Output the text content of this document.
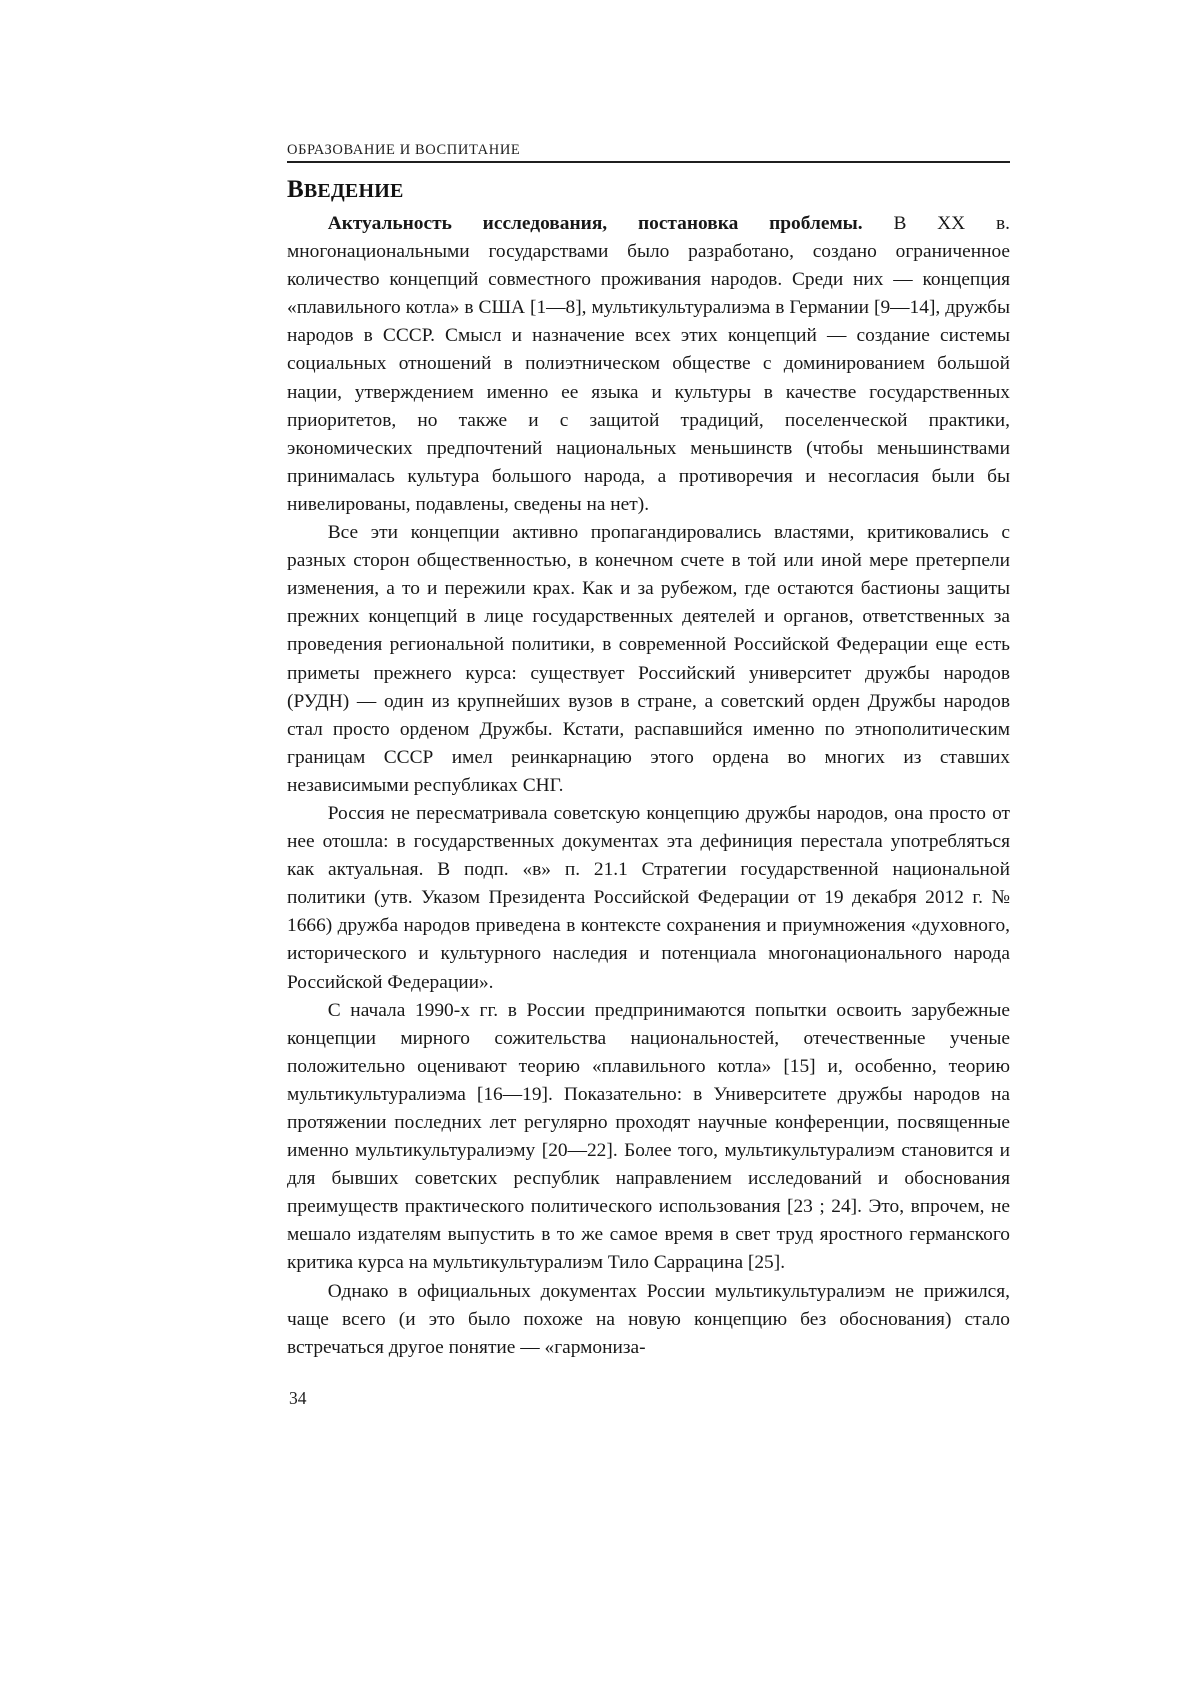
ОБРАЗОВАНИЕ И ВОСПИТАНИЕ
ВВЕДЕНИЕ

Актуальность исследования, постановка проблемы. В XX в. многонациональными государствами было разработано, создано ограниченное количество концепций совместного проживания народов. Среди них — концепция «плавильного котла» в США [1—8], мультикультуралиэма в Германии [9—14], дружбы народов в СССР. Смысл и назначение всех этих концепций — создание системы социальных отношений в полиэтническом обществе с доминированием большой нации, утверждением именно ее языка и культуры в качестве государственных приоритетов, но также и с защитой традиций, поселенческой практики, экономических предпочтений национальных меньшинств (чтобы меньшинствами принималась культура большого народа, а противоречия и несогласия были бы нивелированы, подавлены, сведены на нет).

Все эти концепции активно пропагандировались властями, критиковались с разных сторон общественностью, в конечном счете в той или иной мере претерпели изменения, а то и пережили крах. Как и за рубежом, где остаются бастионы защиты прежних концепций в лице государственных деятелей и органов, ответственных за проведения региональной политики, в современной Российской Федерации еще есть приметы прежнего курса: существует Российский университет дружбы народов (РУДН) — один из крупнейших вузов в стране, а советский орден Дружбы народов стал просто орденом Дружбы. Кстати, распавшийся именно по этнополитическим границам СССР имел реинкарнацию этого ордена во многих из ставших независимыми республиках СНГ.

Россия не пересматривала советскую концепцию дружбы народов, она просто от нее отошла: в государственных документах эта дефиниция перестала употребляться как актуальная. В подп. «в» п. 21.1 Стратегии государственной национальной политики (утв. Указом Президента Российской Федерации от 19 декабря 2012 г. № 1666) дружба народов приведена в контексте сохранения и приумножения «духовного, исторического и культурного наследия и потенциала многонационального народа Российской Федерации».

С начала 1990-х гг. в России предпринимаются попытки освоить зарубежные концепции мирного сожительства национальностей, отечественные ученые положительно оценивают теорию «плавильного котла» [15] и, особенно, теорию мультикультуралиэма [16—19]. Показательно: в Университете дружбы народов на протяжении последних лет регулярно проходят научные конференции, посвященные именно мультикультуралиэму [20—22]. Более того, мультикультуралиэм становится и для бывших советских республик направлением исследований и обоснования преимуществ практического политического использования [23 ; 24]. Это, впрочем, не мешало издателям выпустить в то же самое время в свет труд яростного германского критика курса на мультикультуралиэм Тило Саррацина [25].

Однако в официальных документах России мультикультуралиэм не прижился, чаще всего (и это было похоже на новую концепцию без обоснования) стало встречаться другое понятие — «гармониза-

34
